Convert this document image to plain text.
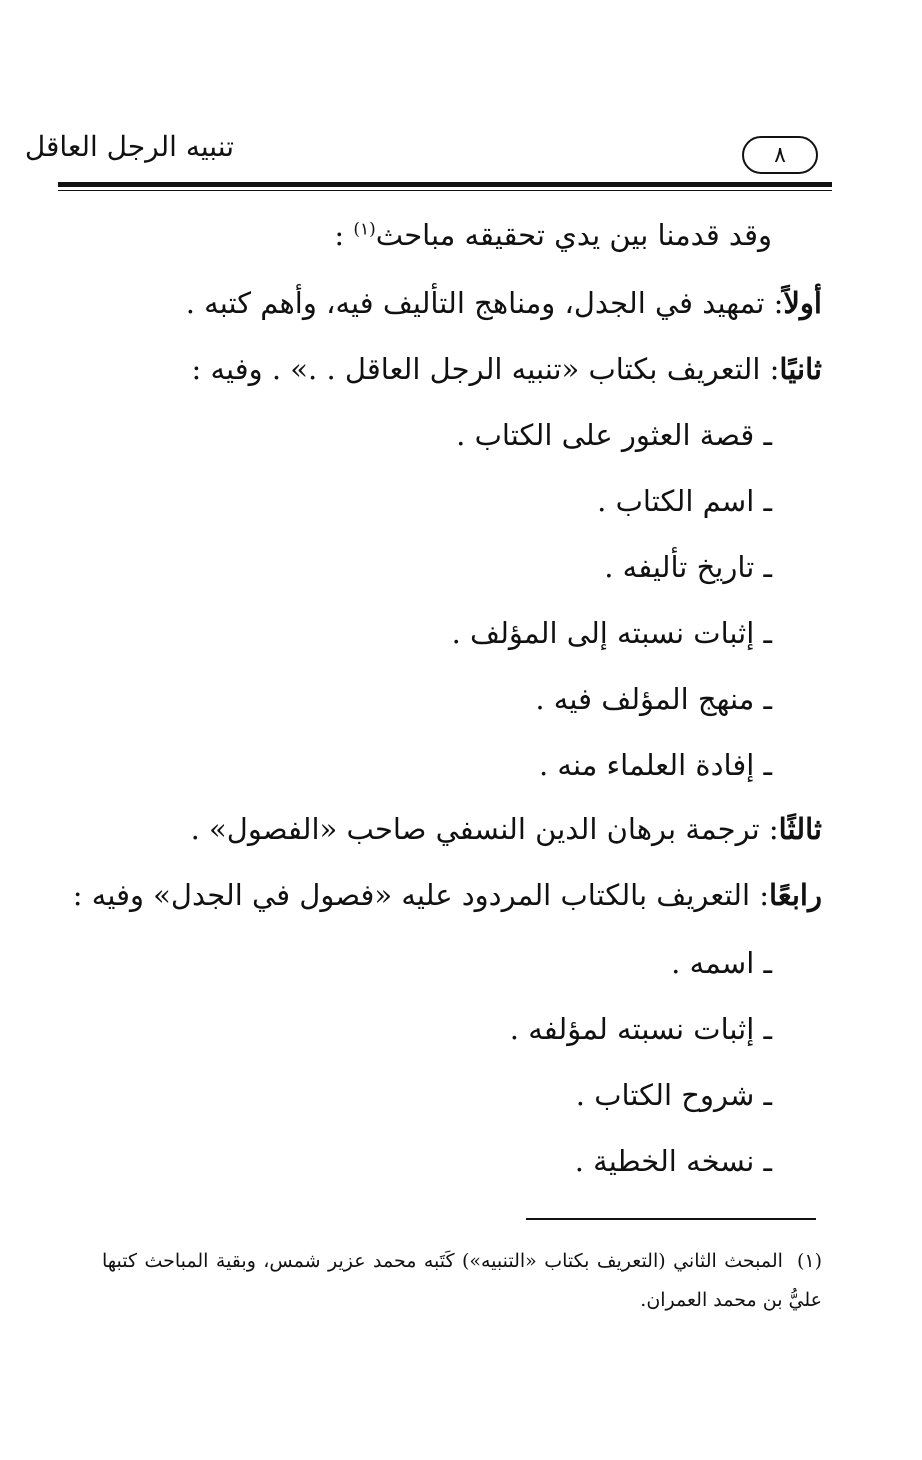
تنبيه الرجل العاقل	٨
وقد قدمنا بين يدي تحقيقه مباحث$^{(١)}$ :
أولاً: تمهيد في الجدل، ومناهج التأليف فيه، وأهم كتبه .
ثانيًا: التعريف بكتاب «تنبيه الرجل العاقل . .» . وفيه :
ـ قصة العثور على الكتاب .
ـ اسم الكتاب .
ـ تاريخ تأليفه .
ـ إثبات نسبته إلى المؤلف .
ـ منهج المؤلف فيه .
ـ إفادة العلماء منه .
ثالثًا: ترجمة برهان الدين النسفي صاحب «الفصول» .
رابعًا: التعريف بالكتاب المردود عليه «فصول في الجدل» وفيه :
ـ اسمه .
ـ إثبات نسبته لمؤلفه .
ـ شروح الكتاب .
ـ نسخه الخطية .
(١)المبحث الثاني (التعريف بكتاب «التنبيه») كَتَبه محمد عزير شمس، وبقية المباحث كتبها عليُّ بن محمد العمران.
